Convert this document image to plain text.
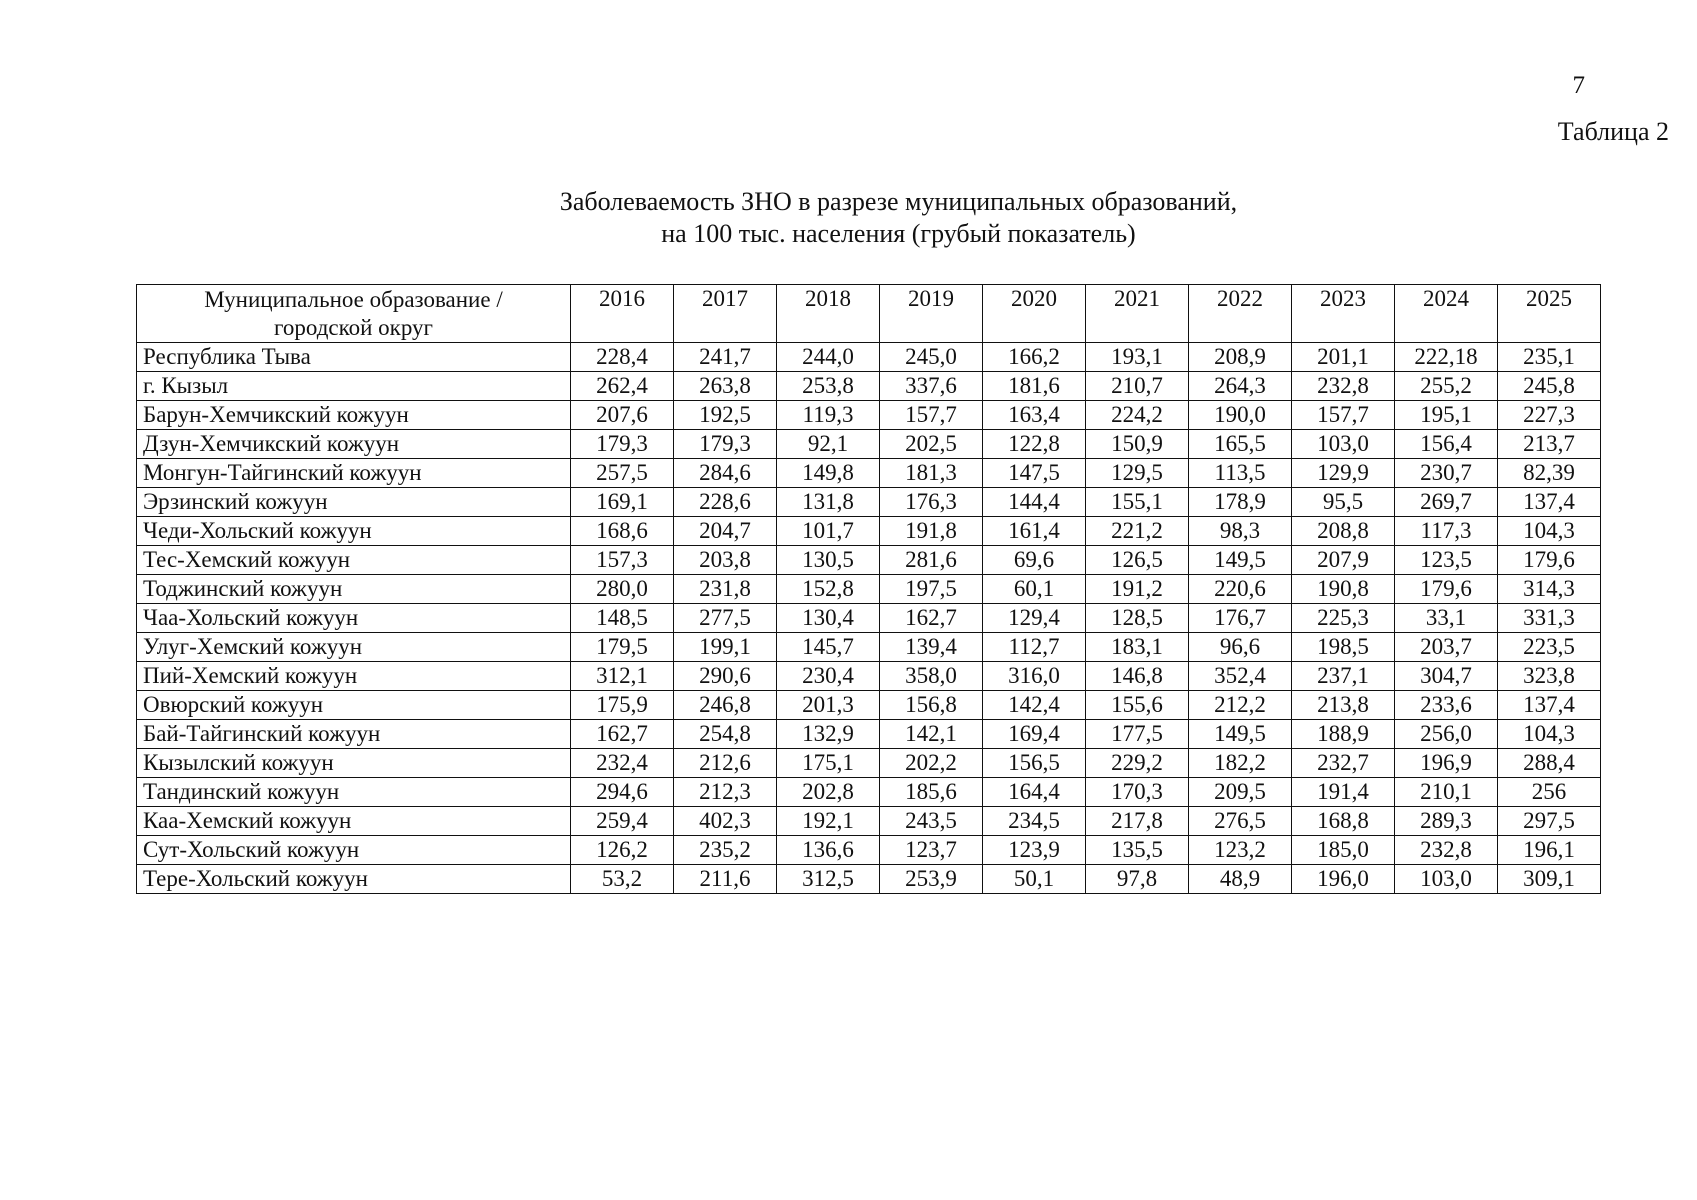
7
Таблица 2
Заболеваемость ЗНО в разрезе муниципальных образований,
на 100 тыс. населения (грубый показатель)
Муниципальное образование /
городской округ	2016	2017	2018	2019	2020	2021	2022	2023	2024	2025
Республика Тыва	228,4	241,7	244,0	245,0	166,2	193,1	208,9	201,1	222,18	235,1
г. Кызыл	262,4	263,8	253,8	337,6	181,6	210,7	264,3	232,8	255,2	245,8
Барун-Хемчикский кожуун	207,6	192,5	119,3	157,7	163,4	224,2	190,0	157,7	195,1	227,3
Дзун-Хемчикский кожуун	179,3	179,3	92,1	202,5	122,8	150,9	165,5	103,0	156,4	213,7
Монгун-Тайгинский кожуун	257,5	284,6	149,8	181,3	147,5	129,5	113,5	129,9	230,7	82,39
Эрзинский кожуун	169,1	228,6	131,8	176,3	144,4	155,1	178,9	95,5	269,7	137,4
Чеди-Хольский кожуун	168,6	204,7	101,7	191,8	161,4	221,2	98,3	208,8	117,3	104,3
Тес-Хемский кожуун	157,3	203,8	130,5	281,6	69,6	126,5	149,5	207,9	123,5	179,6
Тоджинский кожуун	280,0	231,8	152,8	197,5	60,1	191,2	220,6	190,8	179,6	314,3
Чаа-Хольский кожуун	148,5	277,5	130,4	162,7	129,4	128,5	176,7	225,3	33,1	331,3
Улуг-Хемский кожуун	179,5	199,1	145,7	139,4	112,7	183,1	96,6	198,5	203,7	223,5
Пий-Хемский кожуун	312,1	290,6	230,4	358,0	316,0	146,8	352,4	237,1	304,7	323,8
Овюрский кожуун	175,9	246,8	201,3	156,8	142,4	155,6	212,2	213,8	233,6	137,4
Бай-Тайгинский кожуун	162,7	254,8	132,9	142,1	169,4	177,5	149,5	188,9	256,0	104,3
Кызылский кожуун	232,4	212,6	175,1	202,2	156,5	229,2	182,2	232,7	196,9	288,4
Тандинский кожуун	294,6	212,3	202,8	185,6	164,4	170,3	209,5	191,4	210,1	256
Каа-Хемский кожуун	259,4	402,3	192,1	243,5	234,5	217,8	276,5	168,8	289,3	297,5
Сут-Хольский кожуун	126,2	235,2	136,6	123,7	123,9	135,5	123,2	185,0	232,8	196,1
Тере-Хольский кожуун	53,2	211,6	312,5	253,9	50,1	97,8	48,9	196,0	103,0	309,1
